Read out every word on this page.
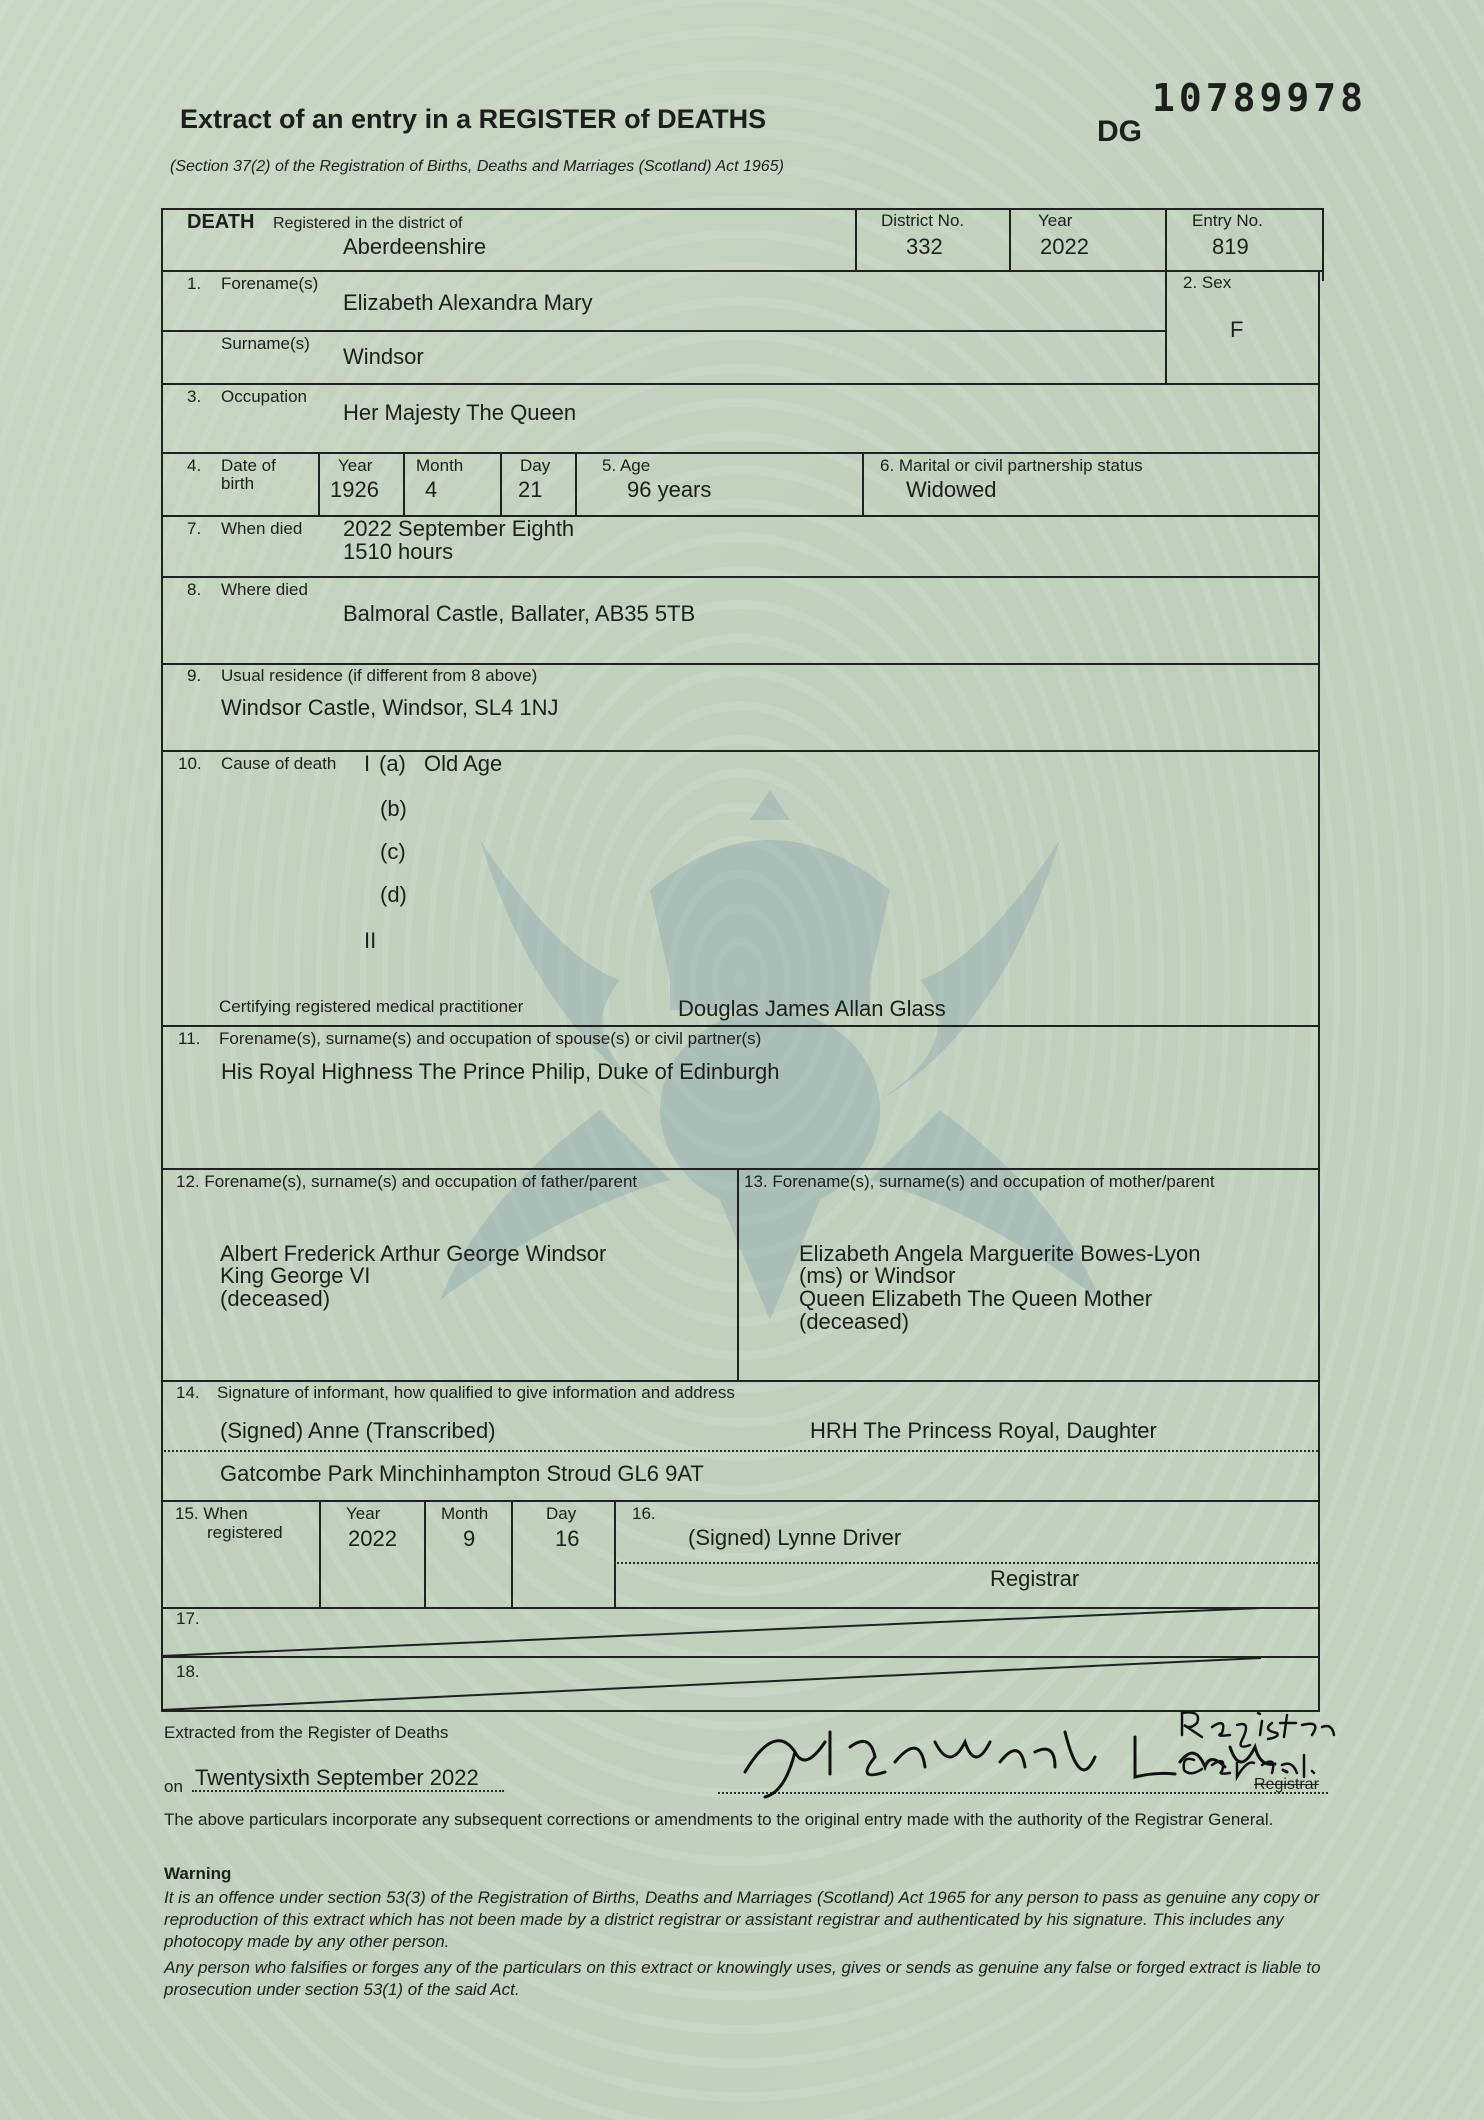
Extract of an entry in a REGISTER of DEATHS
(Section 37(2) of the Registration of Births, Deaths and Marriages (Scotland) Act 1965)
DG
10789978
DEATH Registered in the district of
Aberdeenshire
District No.
332
Year
2022
Entry No.
819
1. Forename(s)
Elizabeth Alexandra Mary
Surname(s)
Windsor
2. Sex
F
3. Occupation
Her Majesty The Queen
4. Date of
birth
Year
1926
Month
4
Day
21
5. Age
96 years
6. Marital or civil partnership status
Widowed
7. When died 2022 September Eighth
1510 hours
8. Where died
Balmoral Castle, Ballater, AB35 5TB
9. Usual residence (if different from 8 above)
Windsor Castle, Windsor, SL4 1NJ
10. Cause of death I (a) Old Age
(b)
(c)
(d)
II
Certifying registered medical practitioner	Douglas James Allan Glass
11. Forename(s), surname(s) and occupation of spouse(s) or civil partner(s)
His Royal Highness The Prince Philip, Duke of Edinburgh
12. Forename(s), surname(s) and occupation of father/parent
Albert Frederick Arthur George Windsor
King George VI
(deceased)
13. Forename(s), surname(s) and occupation of mother/parent
Elizabeth Angela Marguerite Bowes-Lyon
(ms) or Windsor
Queen Elizabeth The Queen Mother
(deceased)
14. Signature of informant, how qualified to give information and address
(Signed) Anne (Transcribed)	HRH The Princess Royal, Daughter
Gatcombe Park Minchinhampton Stroud GL6 9AT
15. When
registered
Year
2022
Month
9
Day
16
16.
(Signed) Lynne Driver
Registrar
17.
18.
Extracted from the Register of Deaths
on Twentysixth September 2022	Registrar
The above particulars incorporate any subsequent corrections or amendments to the original entry made with the authority of the Registrar General.
Warning
It is an offence under section 53(3) of the Registration of Births, Deaths and Marriages (Scotland) Act 1965 for any person to pass as genuine any copy or reproduction of this extract which has not been made by a district registrar or assistant registrar and authenticated by his signature. This includes any photocopy made by any other person.
Any person who falsifies or forges any of the particulars on this extract or knowingly uses, gives or sends as genuine any false or forged extract is liable to prosecution under section 53(1) of the said Act.
